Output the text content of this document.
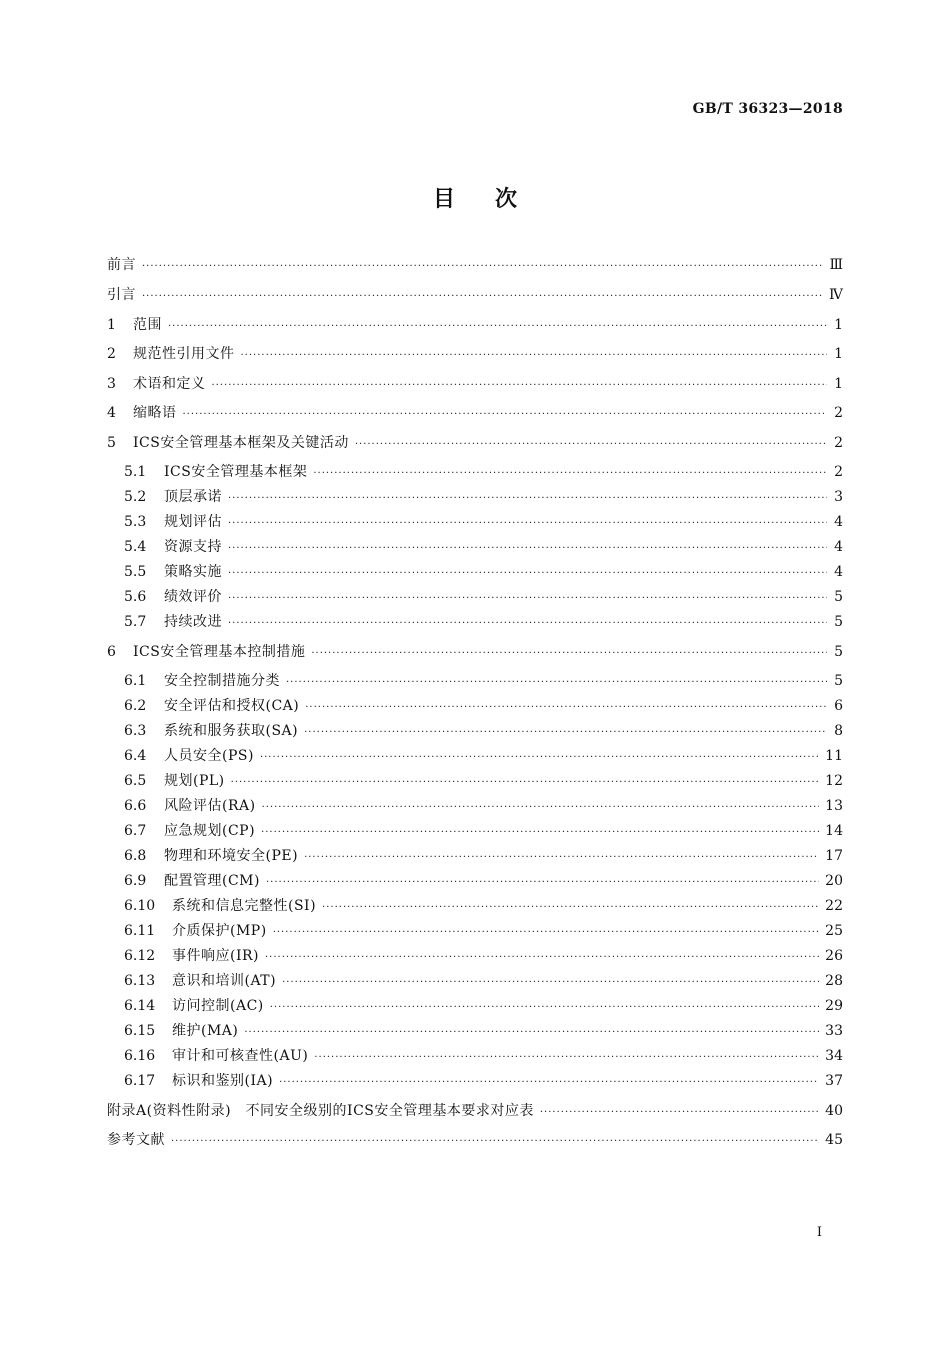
GB/T 36323—2018
目次
前言 ·····	Ⅲ
引言 ·····	Ⅳ
1	范围 ·····	1
2	规范性引用文件 ·····	1
3	术语和定义 ·····	1
4	缩略语 ·····	2
5	ICS安全管理基本框架及关键活动 ·····	2
5.1	ICS安全管理基本框架 ·····	2
5.2	顶层承诺 ·····	3
5.3	规划评估 ·····	4
5.4	资源支持 ·····	4
5.5	策略实施 ·····	4
5.6	绩效评价 ·····	5
5.7	持续改进 ·····	5
6	ICS安全管理基本控制措施 ·····	5
6.1	安全控制措施分类 ·····	5
6.2	安全评估和授权(CA) ·····	6
6.3	系统和服务获取(SA) ·····	8
6.4	人员安全(PS) ·····	11
6.5	规划(PL) ·····	12
6.6	风险评估(RA) ·····	13
6.7	应急规划(CP) ·····	14
6.8	物理和环境安全(PE) ·····	17
6.9	配置管理(CM) ·····	20
6.10	系统和信息完整性(SI) ·····	22
6.11	介质保护(MP) ·····	25
6.12	事件响应(IR) ·····	26
6.13	意识和培训(AT) ·····	28
6.14	访问控制(AC) ·····	29
6.15	维护(MA) ·····	33
6.16	审计和可核查性(AU) ·····	34
6.17	标识和鉴别(IA) ·····	37
附录A(资料性附录)　不同安全级别的ICS安全管理基本要求对应表 ·····	40
参考文献 ·····	45
Ⅰ
